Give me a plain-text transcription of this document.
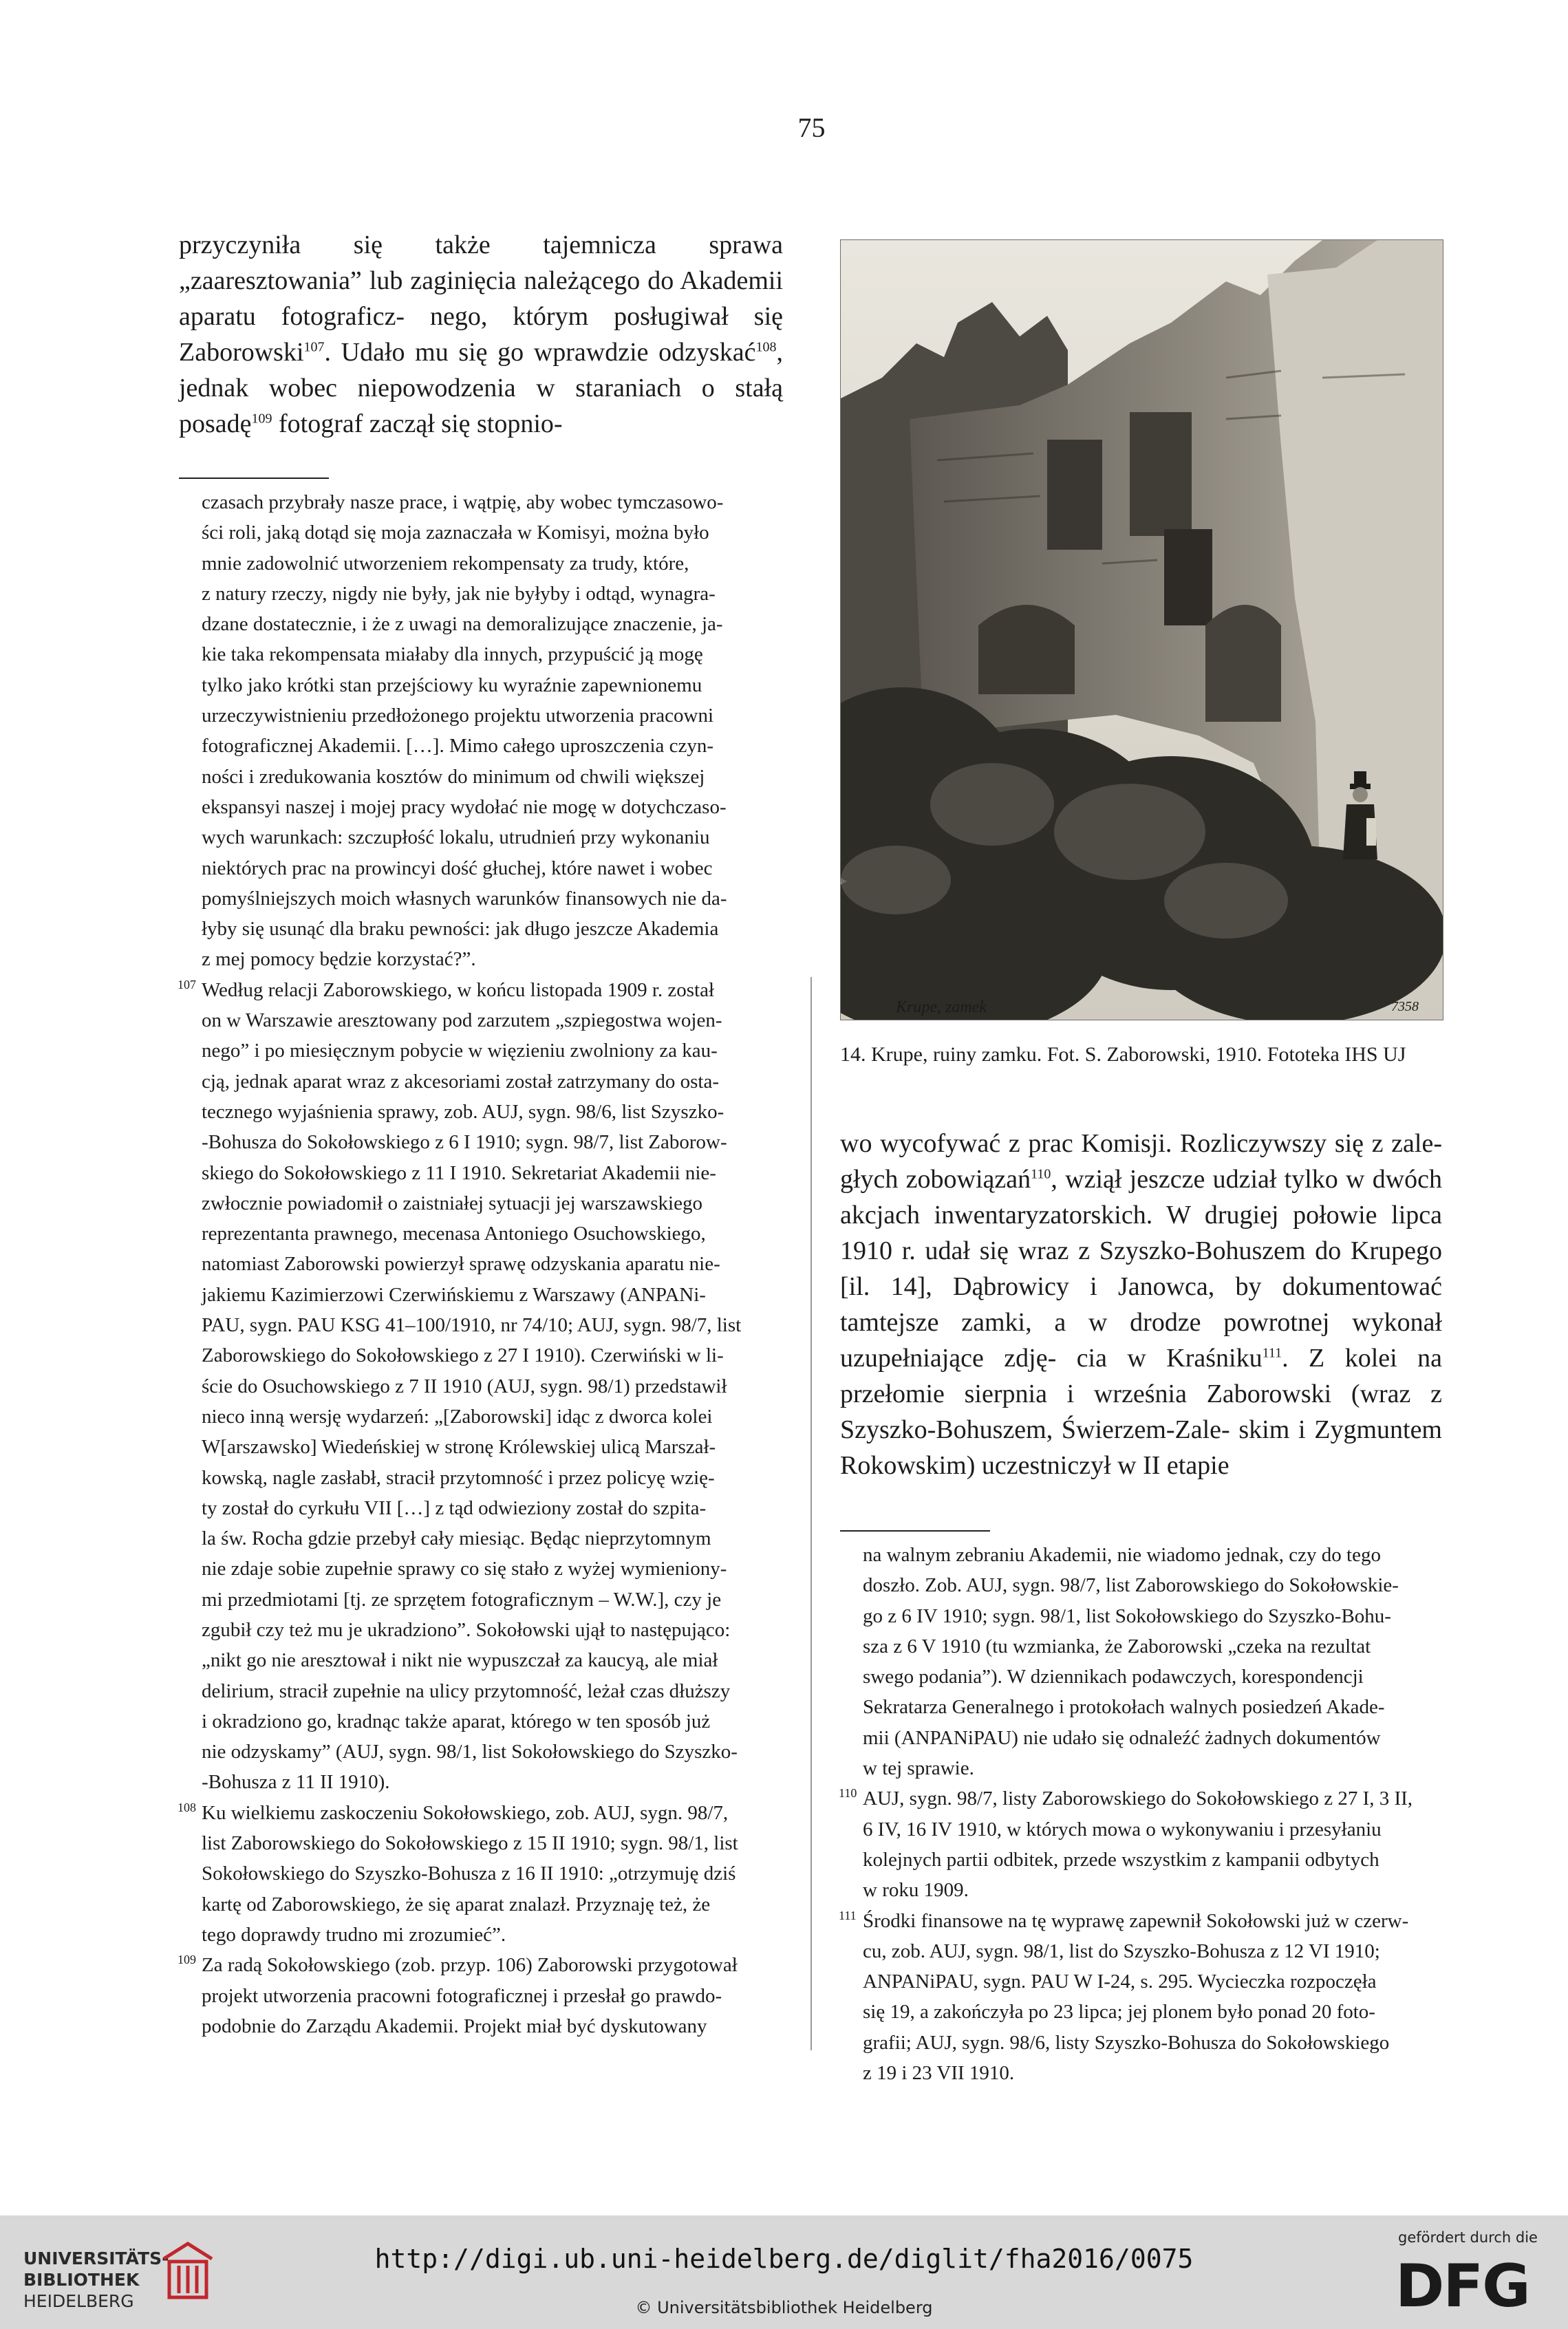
75

przyczyniła się także tajemnicza sprawa „zaaresztowania” lub zaginięcia należącego do Akademii aparatu fotograficz- nego, którym posługiwał się Zaborowski$^{107}$. Udało mu się go wprawdzie odzyskać$^{108}$, jednak wobec niepowodzenia w staraniach o stałą posadę$^{109}$ fotograf zaczął się stopnio-

czasach przybrały nasze prace, i wątpię, aby wobec tymczasowo-
ści roli, jaką dotąd się moja zaznaczała w Komisyi, można było
mnie zadowolnić utworzeniem rekompensaty za trudy, które,
z natury rzeczy, nigdy nie były, jak nie byłyby i odtąd, wynagra-
dzane dostatecznie, i że z uwagi na demoralizujące znaczenie, ja-
kie taka rekompensata miałaby dla innych, przypuścić ją mogę
tylko jako krótki stan przejściowy ku wyraźnie zapewnionemu
urzeczywistnieniu przedłożonego projektu utworzenia pracowni
fotograficznej Akademii. […]. Mimo całego uproszczenia czyn-
ności i zredukowania kosztów do minimum od chwili większej
ekspansyi naszej i mojej pracy wydołać nie mogę w dotychczaso-
wych warunkach: szczupłość lokalu, utrudnień przy wykonaniu
niektórych prac na prowincyi dość głuchej, które nawet i wobec
pomyślniejszych moich własnych warunków finansowych nie da-
łyby się usunąć dla braku pewności: jak długo jeszcze Akademia
z mej pomocy będzie korzystać?”.
107 Według relacji Zaborowskiego, w końcu listopada 1909 r. został
on w Warszawie aresztowany pod zarzutem „szpiegostwa wojen-
nego” i po miesięcznym pobycie w więzieniu zwolniony za kau-
cją, jednak aparat wraz z akcesoriami został zatrzymany do osta-
tecznego wyjaśnienia sprawy, zob. AUJ, sygn. 98/6, list Szyszko-
-Bohusza do Sokołowskiego z 6 I 1910; sygn. 98/7, list Zaborow-
skiego do Sokołowskiego z 11 I 1910. Sekretariat Akademii nie-
zwłocznie powiadomił o zaistniałej sytuacji jej warszawskiego
reprezentanta prawnego, mecenasa Antoniego Osuchowskiego,
natomiast Zaborowski powierzył sprawę odzyskania aparatu nie-
jakiemu Kazimierzowi Czerwińskiemu z Warszawy (ANPANi-
PAU, sygn. PAU KSG 41–100/1910, nr 74/10; AUJ, sygn. 98/7, list
Zaborowskiego do Sokołowskiego z 27 I 1910). Czerwiński w li-
ście do Osuchowskiego z 7 II 1910 (AUJ, sygn. 98/1) przedstawił
nieco inną wersję wydarzeń: „[Zaborowski] idąc z dworca kolei
W[arszawsko] Wiedeńskiej w stronę Królewskiej ulicą Marszał-
kowską, nagle zasłabł, stracił przytomność i przez policyę wzię-
ty został do cyrkułu VII […] z tąd odwieziony został do szpita-
la św. Rocha gdzie przebył cały miesiąc. Będąc nieprzytomnym
nie zdaje sobie zupełnie sprawy co się stało z wyżej wymieniony-
mi przedmiotami [tj. ze sprzętem fotograficznym – W.W.], czy je
zgubił czy też mu je ukradziono”. Sokołowski ujął to następująco:
„nikt go nie aresztował i nikt nie wypuszczał za kaucyą, ale miał
delirium, stracił zupełnie na ulicy przytomność, leżał czas dłuższy
i okradziono go, kradnąc także aparat, którego w ten sposób już
nie odzyskamy” (AUJ, sygn. 98/1, list Sokołowskiego do Szyszko-
-Bohusza z 11 II 1910).
108 Ku wielkiemu zaskoczeniu Sokołowskiego, zob. AUJ, sygn. 98/7,
list Zaborowskiego do Sokołowskiego z 15 II 1910; sygn. 98/1, list
Sokołowskiego do Szyszko-Bohusza z 16 II 1910: „otrzymuję dziś
kartę od Zaborowskiego, że się aparat znalazł. Przyznaję też, że
tego doprawdy trudno mi zrozumieć”.
109 Za radą Sokołowskiego (zob. przyp. 106) Zaborowski przygotował
projekt utworzenia pracowni fotograficznej i przesłał go prawdo-
podobnie do Zarządu Akademii. Projekt miał być dyskutowany
Krupe, zamek	7358
14. Krupe, ruiny zamku. Fot. S. Zaborowski, 1910. Fototeka IHS UJ

wo wycofywać z prac Komisji. Rozliczywszy się z zale- głych zobowiązań$^{110}$, wziął jeszcze udział tylko w dwóch akcjach inwentaryzatorskich. W drugiej połowie lipca 1910 r. udał się wraz z Szyszko-Bohuszem do Krupego [il. 14], Dąbrowicy i Janowca, by dokumentować tamtejsze zamki, a w drodze powrotnej wykonał uzupełniające zdję- cia w Kraśniku$^{111}$. Z kolei na przełomie sierpnia i września Zaborowski (wraz z Szyszko-Bohuszem, Świerzem-Zale- skim i Zygmuntem Rokowskim) uczestniczył w II etapie

na walnym zebraniu Akademii, nie wiadomo jednak, czy do tego
doszło. Zob. AUJ, sygn. 98/7, list Zaborowskiego do Sokołowskie-
go z 6 IV 1910; sygn. 98/1, list Sokołowskiego do Szyszko-Bohu-
sza z 6 V 1910 (tu wzmianka, że Zaborowski „czeka na rezultat
swego podania”). W dziennikach podawczych, korespondencji
Sekratarza Generalnego i protokołach walnych posiedzeń Akade-
mii (ANPANiPAU) nie udało się odnaleźć żadnych dokumentów
w tej sprawie.
110 AUJ, sygn. 98/7, listy Zaborowskiego do Sokołowskiego z 27 I, 3 II,
6 IV, 16 IV 1910, w których mowa o wykonywaniu i przesyłaniu
kolejnych partii odbitek, przede wszystkim z kampanii odbytych
w roku 1909.
111 Środki finansowe na tę wyprawę zapewnił Sokołowski już w czerw-
cu, zob. AUJ, sygn. 98/1, list do Szyszko-Bohusza z 12 VI 1910;
ANPANiPAU, sygn. PAU W I-24, s. 295. Wycieczka rozpoczęła
się 19, a zakończyła po 23 lipca; jej plonem było ponad 20 foto-
grafii; AUJ, sygn. 98/6, listy Szyszko-Bohusza do Sokołowskiego
z 19 i 23 VII 1910.
UNIVERSITÄTS-
BIBLIOTHEK
HEIDELBERG
http://digi.ub.uni-heidelberg.de/diglit/fha2016/0075
© Universitätsbibliothek Heidelberg
gefördert durch die
DFG
